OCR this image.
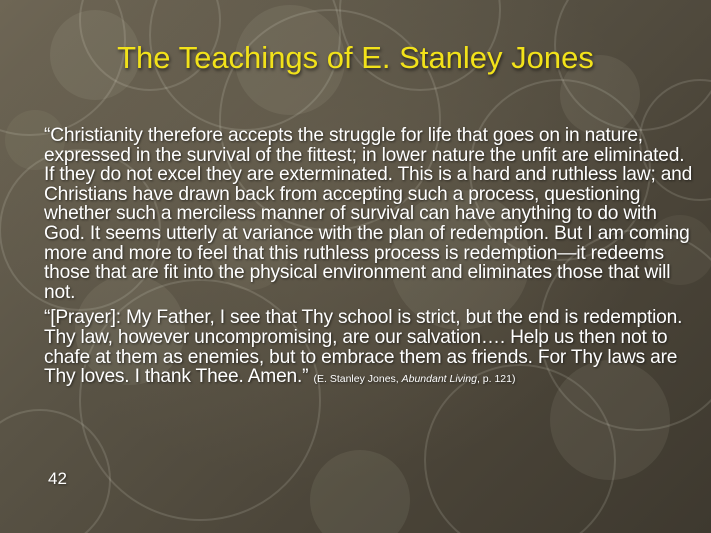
The Teachings of E. Stanley Jones

“Christianity therefore accepts the struggle for life that goes on in nature, expressed in the survival of the fittest; in lower nature the unfit are eliminated. If they do not excel they are exterminated. This is a hard and ruthless law; and Christians have drawn back from accepting such a process, questioning whether such a merciless manner of survival can have anything to do with God. It seems utterly at variance with the plan of redemption. But I am coming more and more to feel that this ruthless process is redemption—it redeems those that are fit into the physical environment and eliminates those that will not.

“[Prayer]: My Father, I see that Thy school is strict, but the end is redemption. Thy law, however uncompromising, are our salvation…. Help us then not to chafe at them as enemies, but to embrace them as friends. For Thy laws are Thy loves. I thank Thee. Amen.” (E. Stanley Jones, Abundant Living, p. 121)

42
